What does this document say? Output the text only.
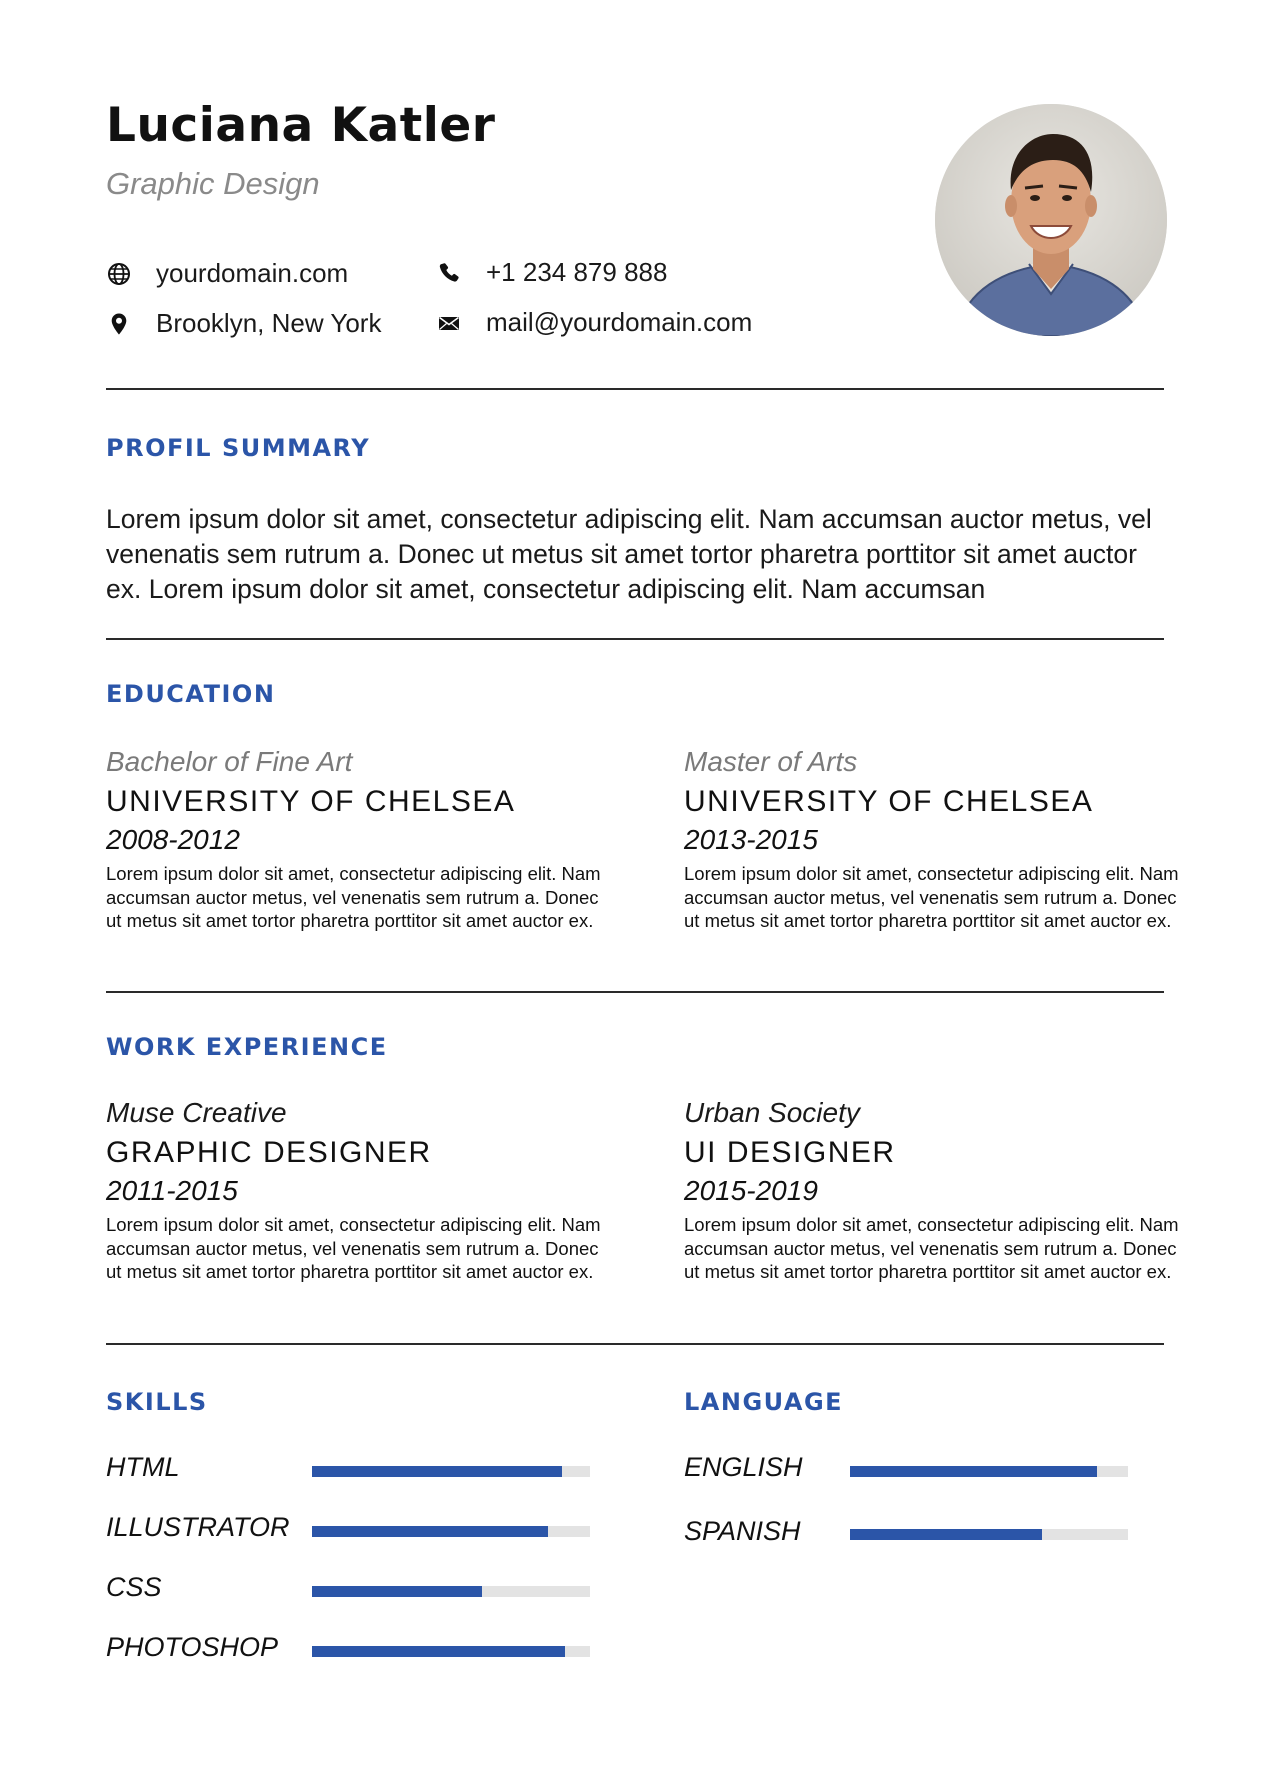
Luciana Katler
Graphic Design
yourdomain.com	+1 234 879 888
Brooklyn, New York	mail@yourdomain.com
PROFIL SUMMARY
Lorem ipsum dolor sit amet, consectetur adipiscing elit. Nam accumsan auctor metus, vel venenatis sem rutrum a. Donec ut metus sit amet tortor pharetra porttitor sit amet auctor ex. Lorem ipsum dolor sit amet, consectetur adipiscing elit. Nam accumsan
EDUCATION
Bachelor of Fine Art
UNIVERSITY OF CHELSEA
2008-2012
Lorem ipsum dolor sit amet, consectetur adipiscing elit. Nam accumsan auctor metus, vel venenatis sem rutrum a. Donec ut metus sit amet tortor pharetra porttitor sit amet auctor ex.
Master of Arts
UNIVERSITY OF CHELSEA
2013-2015
Lorem ipsum dolor sit amet, consectetur adipiscing elit. Nam accumsan auctor metus, vel venenatis sem rutrum a. Donec ut metus sit amet tortor pharetra porttitor sit amet auctor ex.
WORK EXPERIENCE
Muse Creative
GRAPHIC DESIGNER
2011-2015
Lorem ipsum dolor sit amet, consectetur adipiscing elit. Nam accumsan auctor metus, vel venenatis sem rutrum a. Donec ut metus sit amet tortor pharetra porttitor sit amet auctor ex.
Urban Society
UI DESIGNER
2015-2019
Lorem ipsum dolor sit amet, consectetur adipiscing elit. Nam accumsan auctor metus, vel venenatis sem rutrum a. Donec ut metus sit amet tortor pharetra porttitor sit amet auctor ex.
SKILLS
HTML
ILLUSTRATOR
CSS
PHOTOSHOP
LANGUAGE
ENGLISH
SPANISH
